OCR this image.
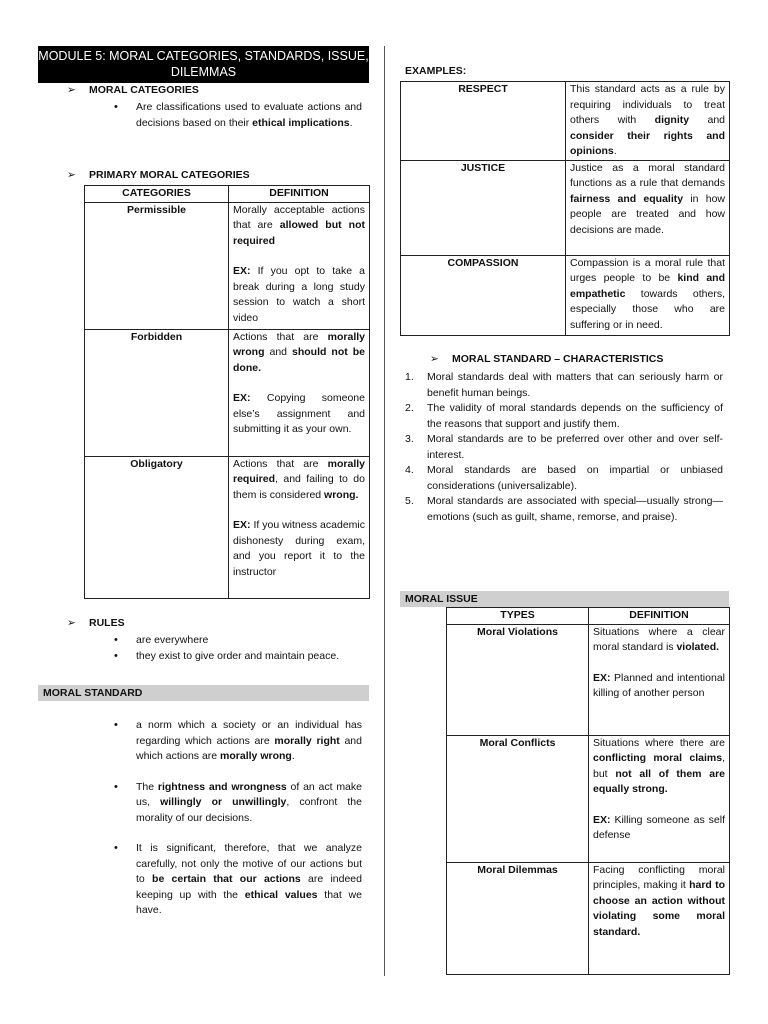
MODULE 5: MORAL CATEGORIES, STANDARDS, ISSUE, DILEMMAS
➢ MORAL CATEGORIES
• Are classifications used to evaluate actions and decisions based on their ethical implications.
➢ PRIMARY MORAL CATEGORIES
CATEGORIES	DEFINITION
Permissible	Morally acceptable actions that are allowed but not required
EX: If you opt to take a break during a long study session to watch a short video
Forbidden	Actions that are morally wrong and should not be done.
EX: Copying someone else’s assignment and submitting it as your own.
Obligatory	Actions that are morally required, and failing to do them is considered wrong.
EX: If you witness academic dishonesty during exam, and you report it to the instructor
➢ RULES
• are everywhere
• they exist to give order and maintain peace.
MORAL STANDARD
• a norm which a society or an individual has regarding which actions are morally right and which actions are morally wrong.
• The rightness and wrongness of an act make us, willingly or unwillingly, confront the morality of our decisions.
• It is significant, therefore, that we analyze carefully, not only the motive of our actions but to be certain that our actions are indeed keeping up with the ethical values that we have.
EXAMPLES:
RESPECT	This standard acts as a rule by requiring individuals to treat others with dignity and consider their rights and opinions.
JUSTICE	Justice as a moral standard functions as a rule that demands fairness and equality in how people are treated and how decisions are made.
COMPASSION	Compassion is a moral rule that urges people to be kind and empathetic towards others, especially those who are suffering or in need.
➢ MORAL STANDARD – CHARACTERISTICS
1. Moral standards deal with matters that can seriously harm or benefit human beings.
2. The validity of moral standards depends on the sufficiency of the reasons that support and justify them.
3. Moral standards are to be preferred over other and over self-interest.
4. Moral standards are based on impartial or unbiased considerations (universalizable).
5. Moral standards are associated with special—usually strong—emotions (such as guilt, shame, remorse, and praise).
MORAL ISSUE
TYPES	DEFINITION
Moral Violations	Situations where a clear moral standard is violated.
EX: Planned and intentional killing of another person
Moral Conflicts	Situations where there are conflicting moral claims, but not all of them are equally strong.
EX: Killing someone as self defense
Moral Dilemmas	Facing conflicting moral principles, making it hard to choose an action without violating some moral standard.
